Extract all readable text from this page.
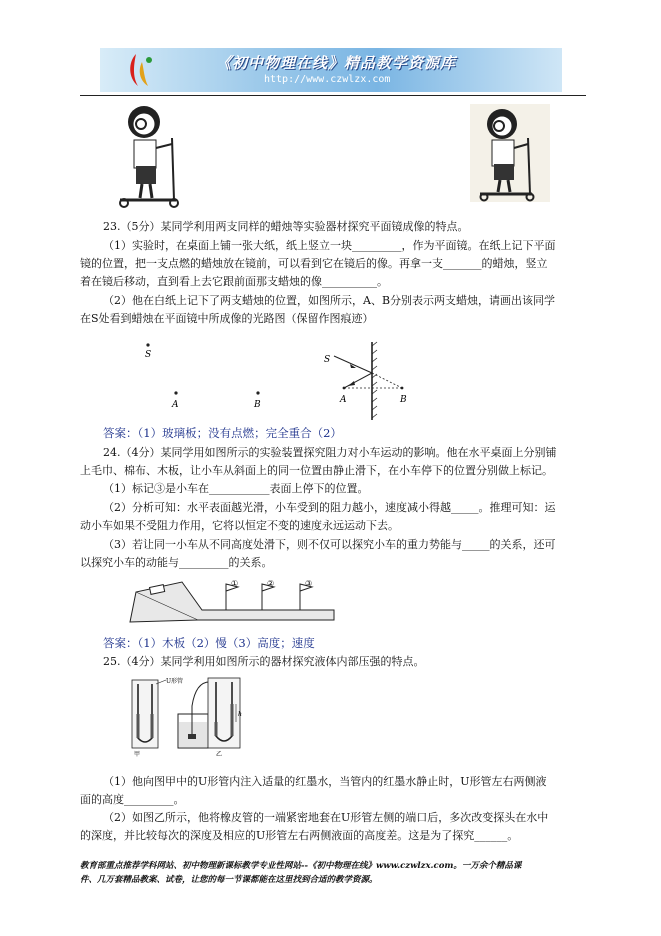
《初中物理在线》精品教学资源库
http://www.czwlzx.com
23.（5分）某同学利用两支同样的蜡烛等实验器材探究平面镜成像的特点。
（1）实验时，在桌面上铺一张大纸，纸上竖立一块_________，作为平面镜。在纸上记下平面
镜的位置，把一支点燃的蜡烛放在镜前，可以看到它在镜后的像。再拿一支_______的蜡烛，竖立
着在镜后移动，直到看上去它跟前面那支蜡烛的像__________。
（2）他在白纸上记下了两支蜡烛的位置，如图所示，A、B分别表示两支蜡烛，请画出该同学
在S处看到蜡烛在平面镜中所成像的光路图（保留作图痕迹）
S
A	B
S
A	B
答案：（1）玻璃板；没有点燃；完全重合（2）
24.（4分）某同学用如图所示的实验装置探究阻力对小车运动的影响。他在水平桌面上分别铺
上毛巾、棉布、木板，让小车从斜面上的同一位置由静止滑下，在小车停下的位置分别做上标记。
（1）标记③是小车在___________表面上停下的位置。
（2）分析可知：水平表面越光滑，小车受到的阻力越小，速度减小得越_____。推理可知：运
动小车如果不受阻力作用，它将以恒定不变的速度永远运动下去。
（3）若让同一小车从不同高度处滑下，则不仅可以探究小车的重力势能与_____的关系，还可
以探究小车的动能与_________的关系。
①	②	③
答案：（1）木板（2）慢（3）高度；速度
25.（4分）某同学利用如图所示的器材探究液体内部压强的特点。
U形管
甲
h
乙
（1）他向图甲中的U形管内注入适量的红墨水，当管内的红墨水静止时，U形管左右两侧液
面的高度_________。
（2）如图乙所示，他将橡皮管的一端紧密地套在U形管左侧的端口后，多次改变探头在水中
的深度，并比较每次的深度及相应的U形管左右两侧液面的高度差。这是为了探究______。
教育部重点推荐学科网站、初中物理新课标教学专业性网站--《初中物理在线》www.czwlzx.com。一万余个精品课
件、几万套精品教案、试卷，让您的每一节课都能在这里找到合适的教学资源。
